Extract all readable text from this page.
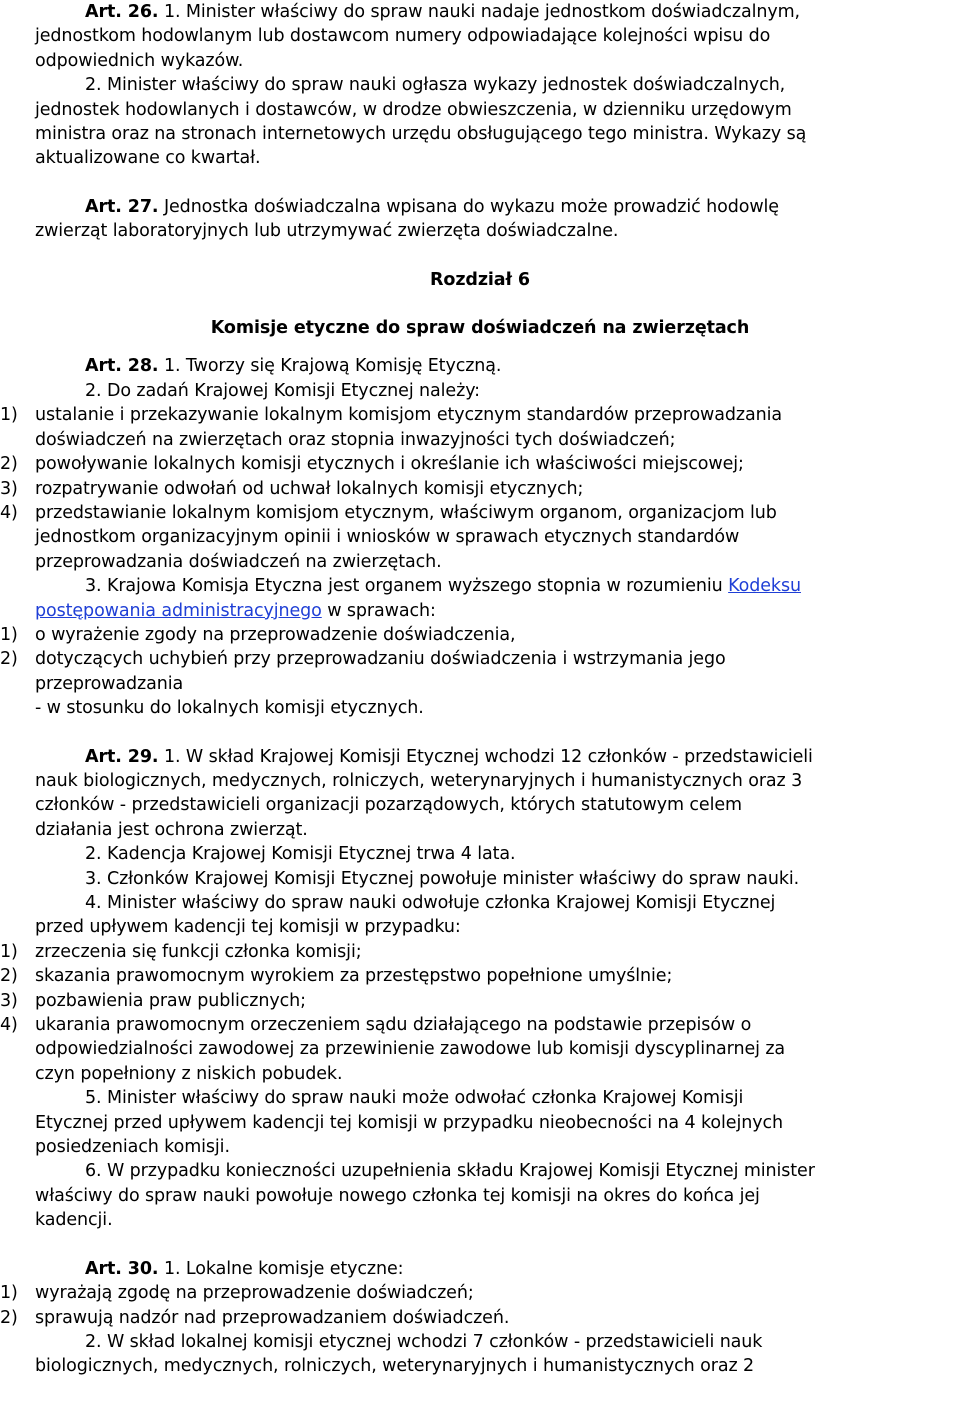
Art. 26. 1. Minister właściwy do spraw nauki nadaje jednostkom doświadczalnym,

jednostkom hodowlanym lub dostawcom numery odpowiadające kolejności wpisu do

odpowiednich wykazów.

2. Minister właściwy do spraw nauki ogłasza wykazy jednostek doświadczalnych,

jednostek hodowlanych i dostawców, w drodze obwieszczenia, w dzienniku urzędowym

ministra oraz na stronach internetowych urzędu obsługującego tego ministra. Wykazy są

aktualizowane co kwartał.

Art. 27. Jednostka doświadczalna wpisana do wykazu może prowadzić hodowlę

zwierząt laboratoryjnych lub utrzymywać zwierzęta doświadczalne.

Rozdział 6

Komisje etyczne do spraw doświadczeń na zwierzętach

Art. 28. 1. Tworzy się Krajową Komisję Etyczną.

2. Do zadań Krajowej Komisji Etycznej należy:

1) ustalanie i przekazywanie lokalnym komisjom etycznym standardów przeprowadzania

doświadczeń na zwierzętach oraz stopnia inwazyjności tych doświadczeń;

2) powoływanie lokalnych komisji etycznych i określanie ich właściwości miejscowej;

3) rozpatrywanie odwołań od uchwał lokalnych komisji etycznych;

4) przedstawianie lokalnym komisjom etycznym, właściwym organom, organizacjom lub

jednostkom organizacyjnym opinii i wniosków w sprawach etycznych standardów

przeprowadzania doświadczeń na zwierzętach.

3. Krajowa Komisja Etyczna jest organem wyższego stopnia w rozumieniu Kodeksu

postępowania administracyjnego w sprawach:

1) o wyrażenie zgody na przeprowadzenie doświadczenia,

2) dotyczących uchybień przy przeprowadzaniu doświadczenia i wstrzymania jego

przeprowadzania

- w stosunku do lokalnych komisji etycznych.

Art. 29. 1. W skład Krajowej Komisji Etycznej wchodzi 12 członków - przedstawicieli

nauk biologicznych, medycznych, rolniczych, weterynaryjnych i humanistycznych oraz 3

członków - przedstawicieli organizacji pozarządowych, których statutowym celem

działania jest ochrona zwierząt.

2. Kadencja Krajowej Komisji Etycznej trwa 4 lata.

3. Członków Krajowej Komisji Etycznej powołuje minister właściwy do spraw nauki.

4. Minister właściwy do spraw nauki odwołuje członka Krajowej Komisji Etycznej

przed upływem kadencji tej komisji w przypadku:

1) zrzeczenia się funkcji członka komisji;

2) skazania prawomocnym wyrokiem za przestępstwo popełnione umyślnie;

3) pozbawienia praw publicznych;

4) ukarania prawomocnym orzeczeniem sądu działającego na podstawie przepisów o

odpowiedzialności zawodowej za przewinienie zawodowe lub komisji dyscyplinarnej za

czyn popełniony z niskich pobudek.

5. Minister właściwy do spraw nauki może odwołać członka Krajowej Komisji

Etycznej przed upływem kadencji tej komisji w przypadku nieobecności na 4 kolejnych

posiedzeniach komisji.

6. W przypadku konieczności uzupełnienia składu Krajowej Komisji Etycznej minister

właściwy do spraw nauki powołuje nowego członka tej komisji na okres do końca jej

kadencji.

Art. 30. 1. Lokalne komisje etyczne:

1) wyrażają zgodę na przeprowadzenie doświadczeń;

2) sprawują nadzór nad przeprowadzaniem doświadczeń.

2. W skład lokalnej komisji etycznej wchodzi 7 członków - przedstawicieli nauk

biologicznych, medycznych, rolniczych, weterynaryjnych i humanistycznych oraz 2
